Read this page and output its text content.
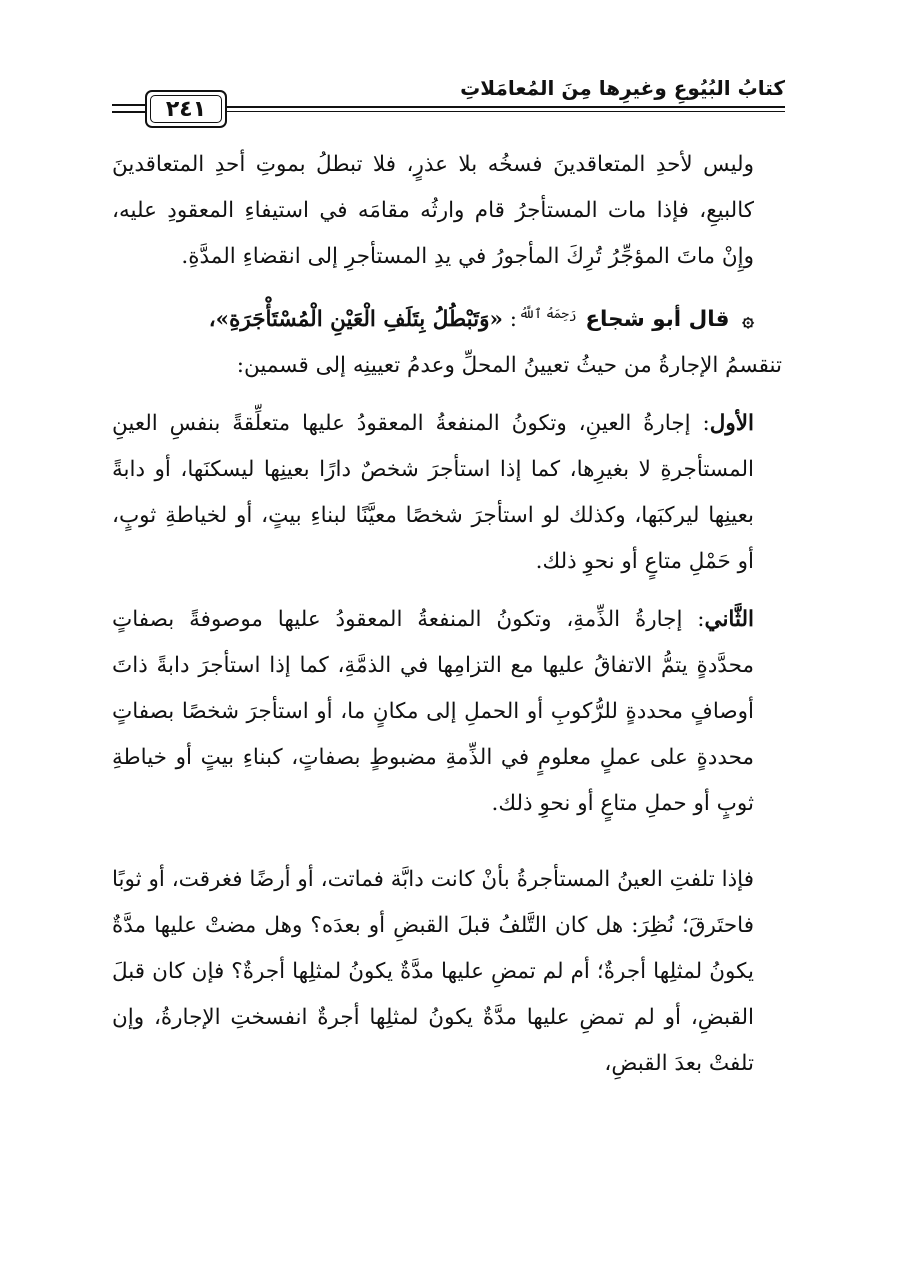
كتابُ البُيُوعِ وغيرِها مِنَ المُعامَلاتِ
٢٤١

وليس لأحدِ المتعاقدينَ فسخُه بلا عذرٍ، فلا تبطلُ بموتِ أحدِ المتعاقدينَ كالبيعِ، فإذا مات المستأجرُ قام وارثُه مقامَه في استيفاءِ المعقودِ عليه، وإِنْ ماتَ المؤجِّرُ تُرِكَ المأجورُ في يدِ المستأجرِ إلى انقضاءِ المدَّةِ.

۞ قال أبو شجاع $^{رَحِمَهُ ٱللَّهُ}$: «وَتَبْطُلُ بِتَلَفِ الْعَيْنِ الْمُسْتَأْجَرَةِ»،

تنقسمُ الإجارةُ من حيثُ تعيينُ المحلِّ وعدمُ تعيينِه إلى قسمين:

الأول: إجارةُ العينِ، وتكونُ المنفعةُ المعقودُ عليها متعلِّقةً بنفسِ العينِ المستأجرةِ لا بغيرِها، كما إذا استأجرَ شخصٌ دارًا بعينِها ليسكنَها، أو دابةً بعينِها ليركبَها، وكذلك لو استأجرَ شخصًا معيَّنًا لبناءِ بيتٍ، أو لخياطةِ ثوبٍ، أو حَمْلِ متاعٍ أو نحوِ ذلك.

الثَّاني: إجارةُ الذِّمةِ، وتكونُ المنفعةُ المعقودُ عليها موصوفةً بصفاتٍ محدَّدةٍ يتمُّ الاتفاقُ عليها مع التزامِها في الذمَّةِ، كما إذا استأجرَ دابةً ذاتَ أوصافٍ محددةٍ للرُّكوبِ أو الحملِ إلى مكانٍ ما، أو استأجرَ شخصًا بصفاتٍ محددةٍ على عملٍ معلومٍ في الذِّمةِ مضبوطٍ بصفاتٍ، كبناءِ بيتٍ أو خياطةِ ثوبٍ أو حملِ متاعٍ أو نحوِ ذلك.

فإذا تلفتِ العينُ المستأجرةُ بأنْ كانت دابَّة فماتت، أو أرضًا فغرقت، أو ثوبًا فاحتَرقَ؛ نُظِرَ: هل كان التَّلفُ قبلَ القبضِ أو بعدَه؟ وهل مضتْ عليها مدَّةٌ يكونُ لمثلِها أجرةٌ؛ أم لم تمضِ عليها مدَّةٌ يكونُ لمثلِها أجرةٌ؟ فإن كان قبلَ القبضِ، أو لم تمضِ عليها مدَّةٌ يكونُ لمثلِها أجرةٌ انفسختِ الإجارةُ، وإن تلفتْ بعدَ القبضِ،
